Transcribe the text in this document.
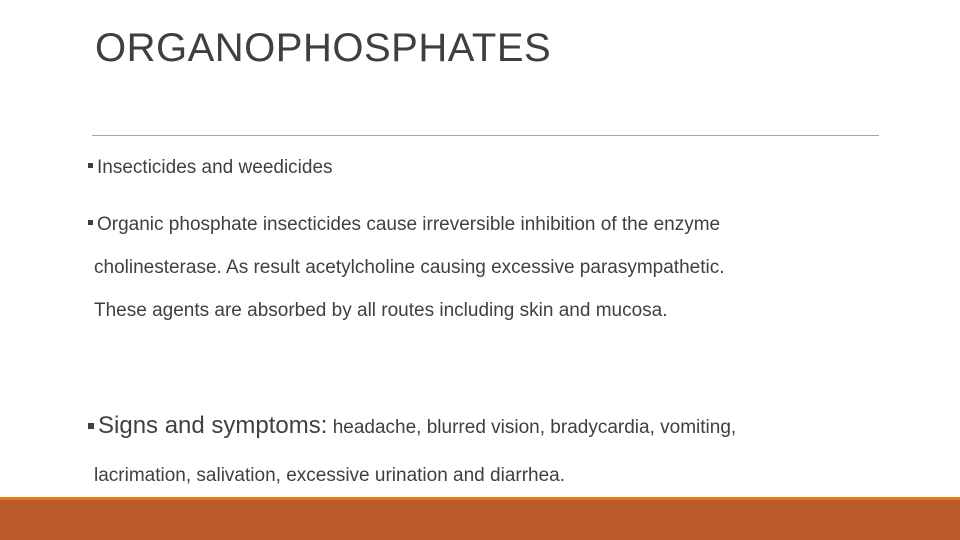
ORGANOPHOSPHATES
Insecticides and weedicides
Organic phosphate insecticides cause irreversible inhibition of the enzyme
cholinesterase. As result acetylcholine causing excessive parasympathetic.
These agents are absorbed by all routes including skin and mucosa.
Signs and symptoms: headache, blurred vision, bradycardia, vomiting,
lacrimation, salivation, excessive urination and diarrhea.
